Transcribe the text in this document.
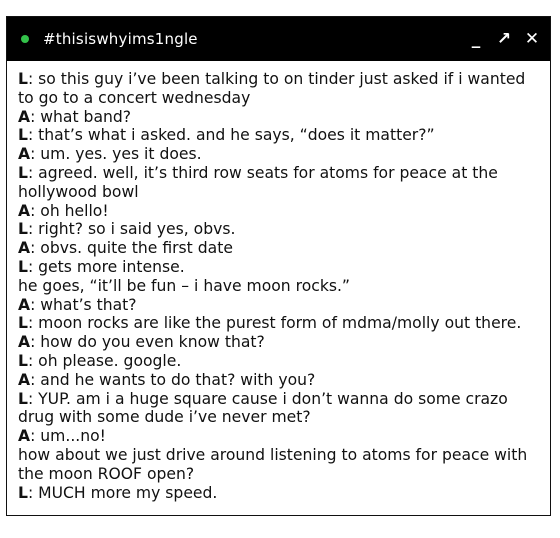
#thisiswhyims1ngle	_ ↗ ✕

L: so this guy i’ve been talking to on tinder just asked if i wanted to go to a concert wednesday

A: what band?

L: that’s what i asked. and he says, “does it matter?”

A: um. yes. yes it does.

L: agreed. well, it’s third row seats for atoms for peace at the hollywood bowl

A: oh hello!

L: right? so i said yes, obvs.

A: obvs. quite the first date

L: gets more intense.

he goes, “it’ll be fun – i have moon rocks.”

A: what’s that?

L: moon rocks are like the purest form of mdma/molly out there.

A: how do you even know that?

L: oh please. google.

A: and he wants to do that? with you?

L: YUP. am i a huge square cause i don’t wanna do some crazo drug with some dude i’ve never met?

A: um...no!

how about we just drive around listening to atoms for peace with the moon ROOF open?

L: MUCH more my speed.
